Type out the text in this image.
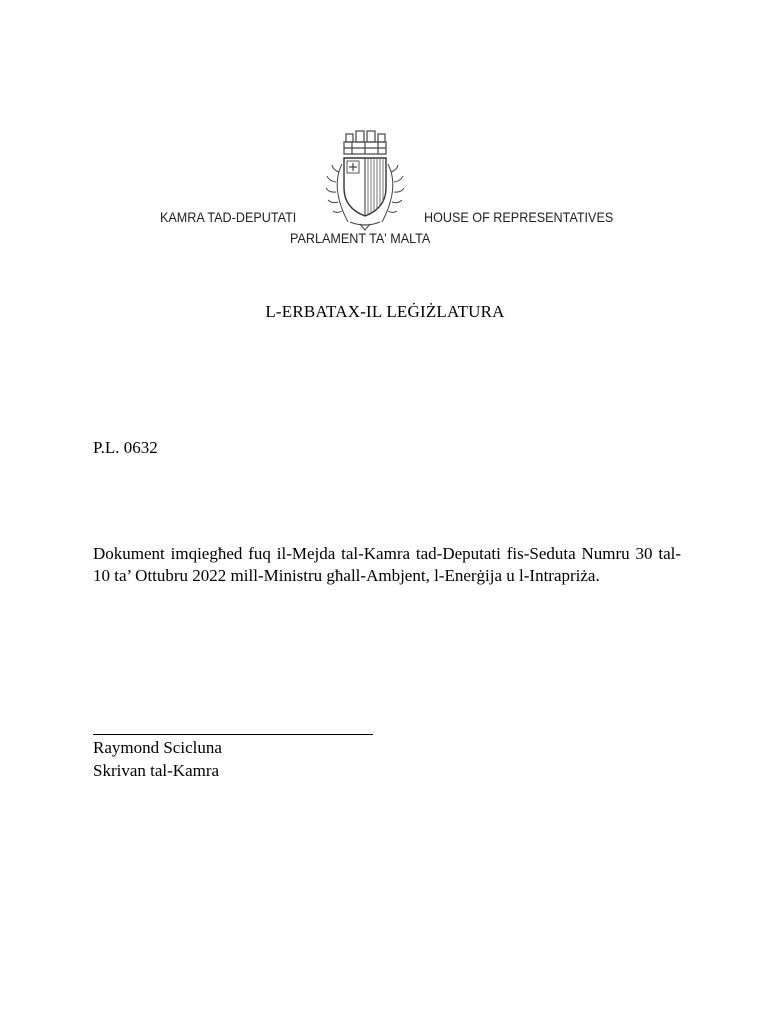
KAMRA TAD-DEPUTATI	HOUSE OF REPRESENTATIVES
PARLAMENT TA' MALTA
L-ERBATAX-IL LEĠIŻLATURA
P.L. 0632
Dokument imqiegħed fuq il-Mejda tal-Kamra tad-Deputati fis-Seduta Numru 30 tal-10 ta’ Ottubru 2022 mill-Ministru għall-Ambjent, l-Enerġija u l-Intrapriża.
Raymond Scicluna
Skrivan tal-Kamra
